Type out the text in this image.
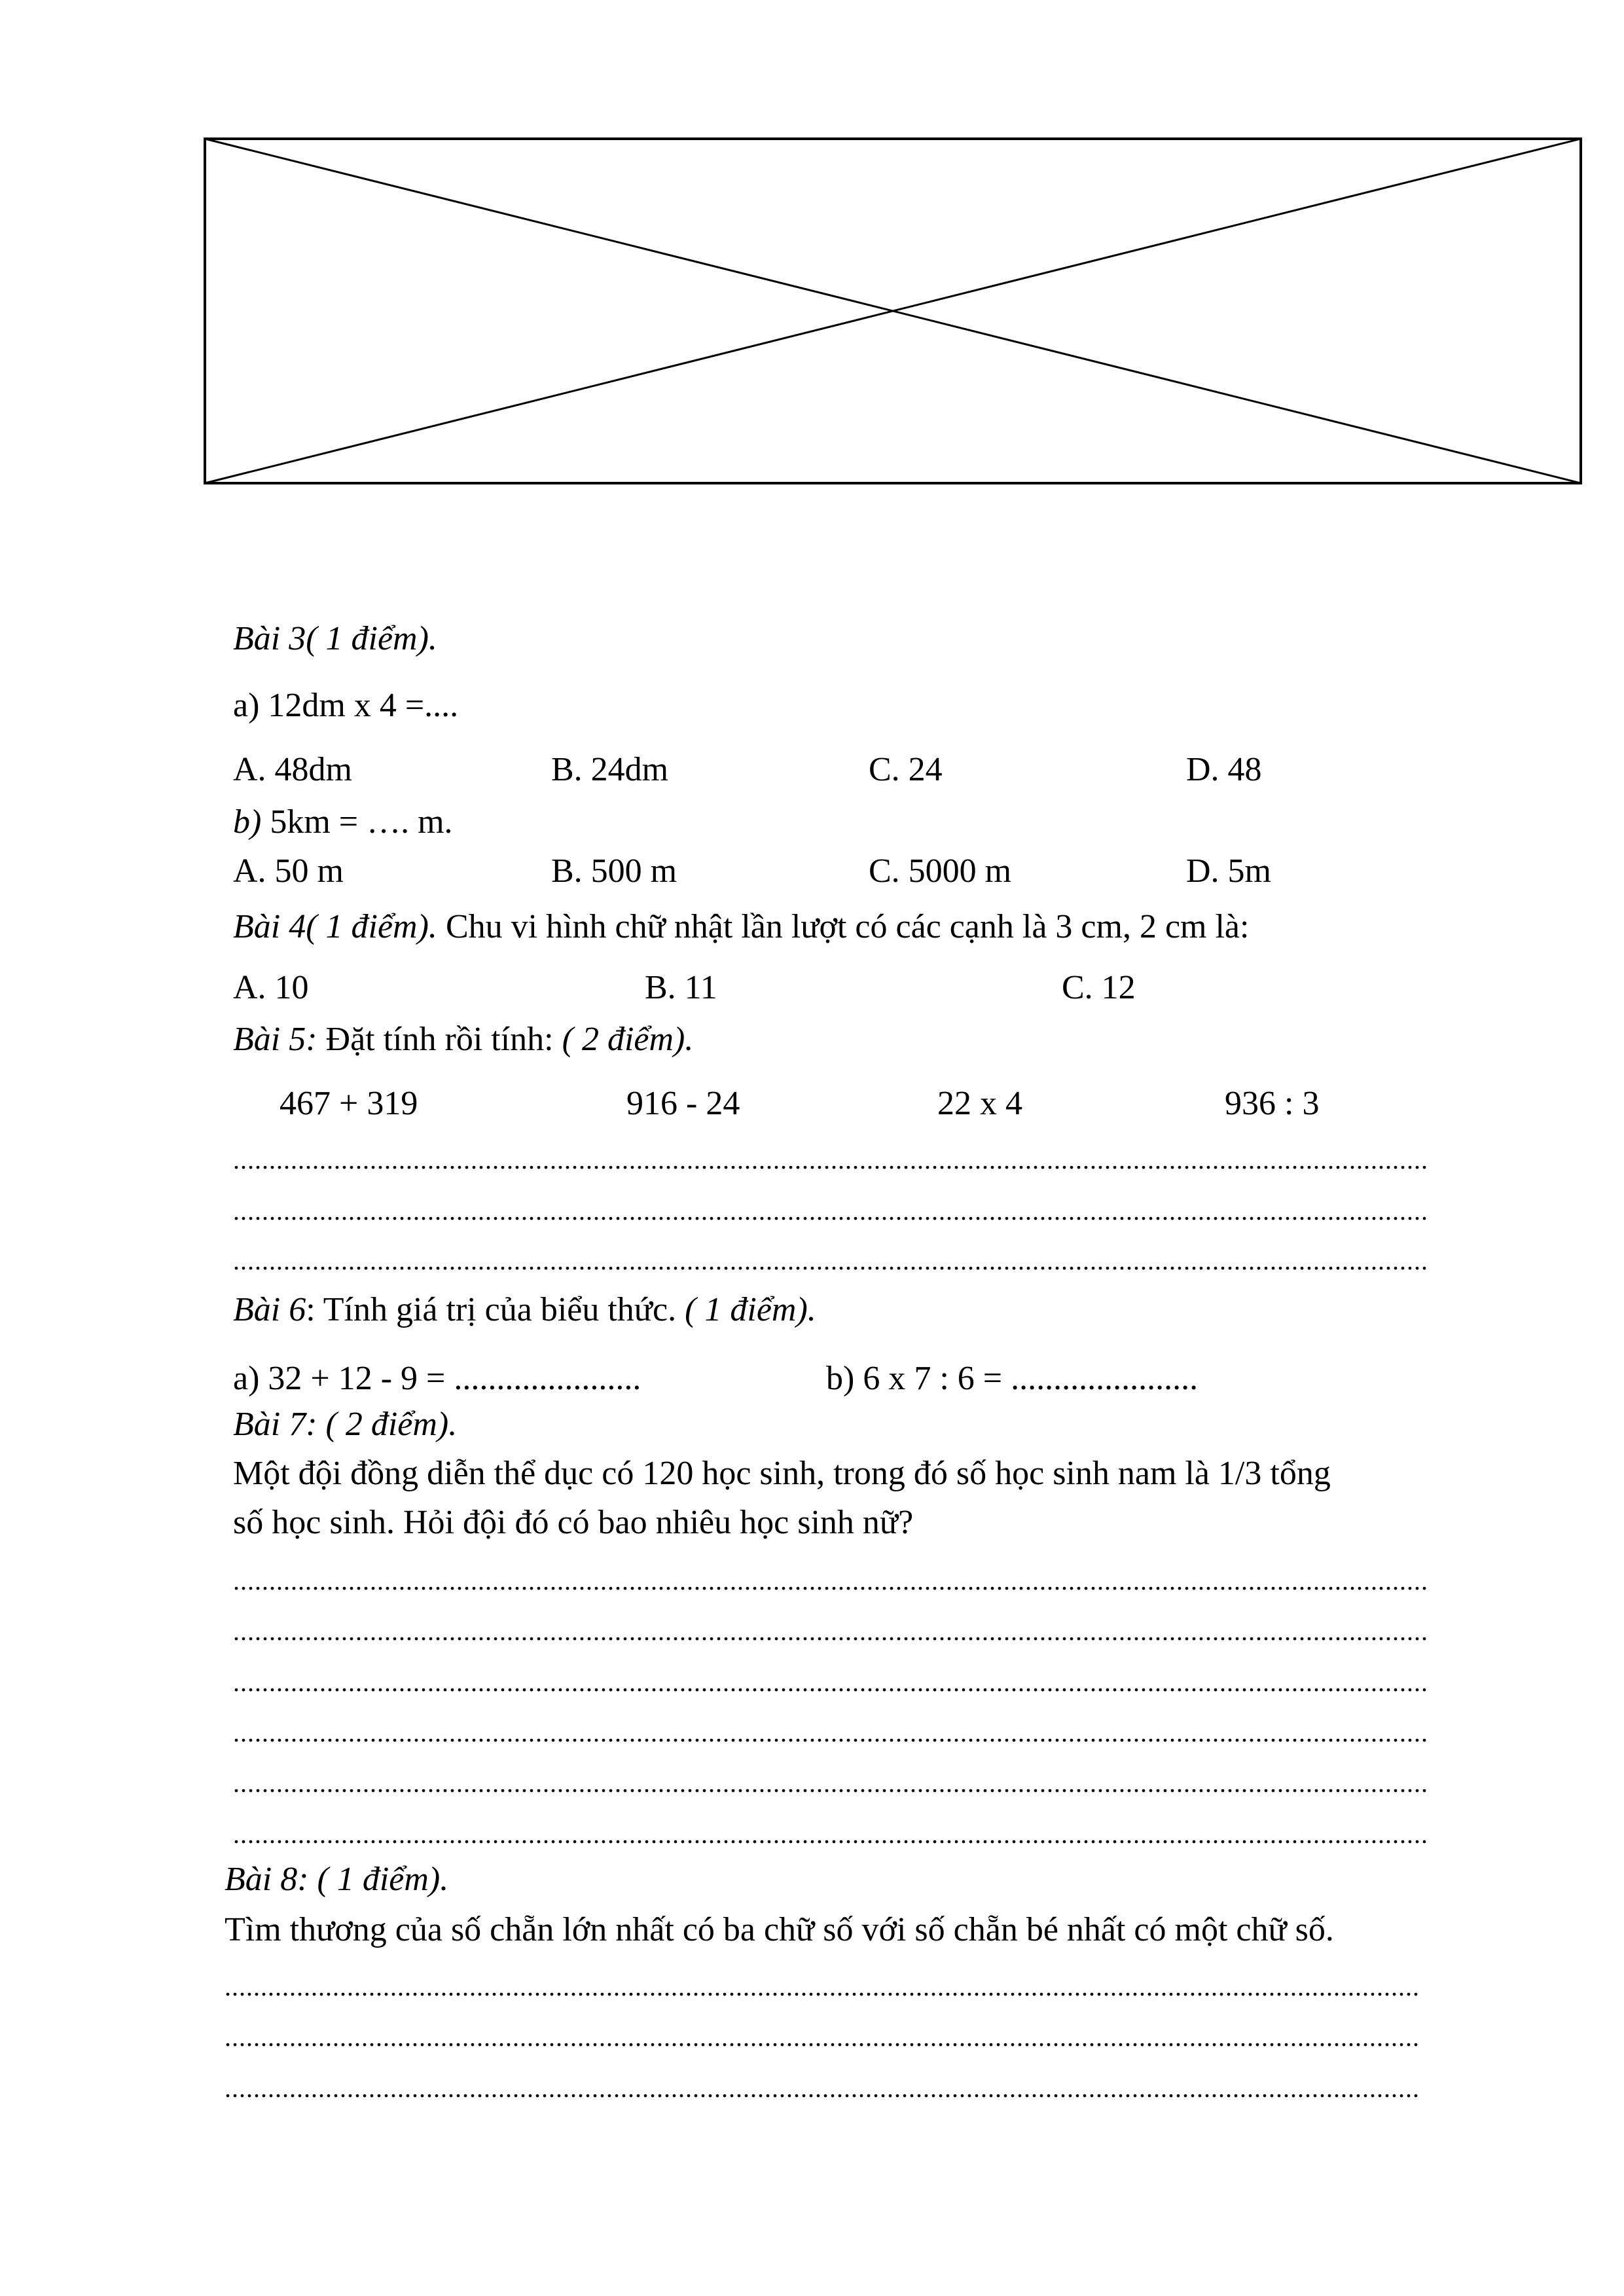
Bài 3( 1 điểm).
a) 12dm x 4 =....
A. 48dm	B. 24dm	C. 24	D. 48
b) 5km = …. m.
A. 50 m	B. 500 m	C. 5000 m	D. 5m
Bài 4( 1 điểm). Chu vi hình chữ nhật lần lượt có các cạnh là 3 cm, 2 cm là:
A. 10	B. 11	C. 12
Bài 5: Đặt tính rồi tính: ( 2 điểm).
467 + 319	916 - 24	22 x 4	936 : 3
......................................................................................................................................................................
......................................................................................................................................................................
......................................................................................................................................................................
Bài 6: Tính giá trị của biểu thức. ( 1 điểm).
a) 32 + 12 - 9 = ......................	b) 6 x 7 : 6 = ......................
Bài 7: ( 2 điểm).
Một đội đồng diễn thể dục có 120 học sinh, trong đó số học sinh nam là 1/3 tổng
số học sinh. Hỏi đội đó có bao nhiêu học sinh nữ?
......................................................................................................................................................................
......................................................................................................................................................................
......................................................................................................................................................................
......................................................................................................................................................................
......................................................................................................................................................................
......................................................................................................................................................................
Bài 8: ( 1 điểm).
Tìm thương của số chẵn lớn nhất có ba chữ số với số chẵn bé nhất có một chữ số.
......................................................................................................................................................................
......................................................................................................................................................................
......................................................................................................................................................................
